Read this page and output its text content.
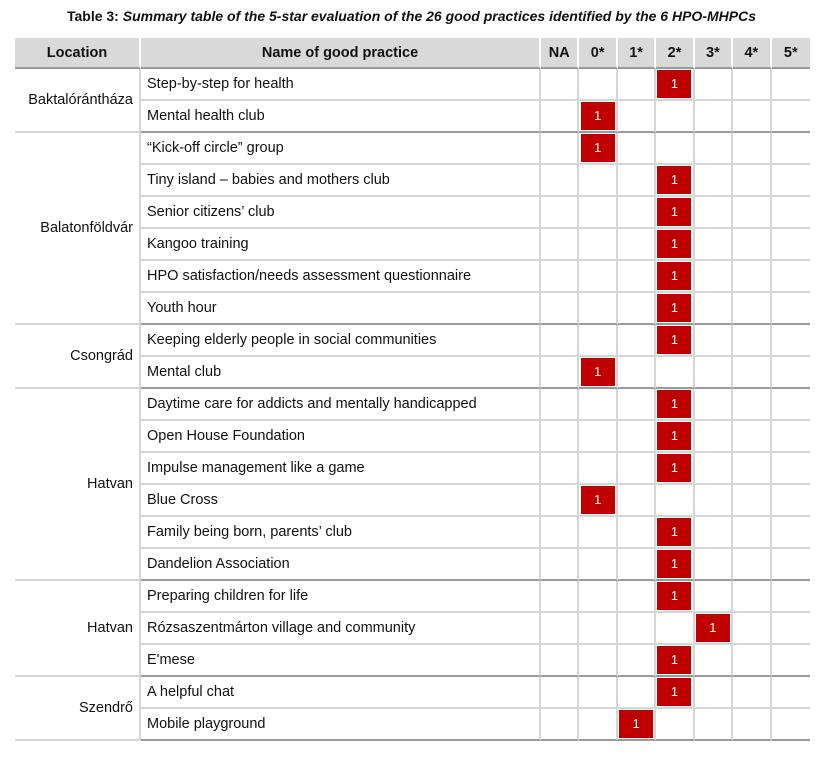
Table 3: Summary table of the 5-star evaluation of the 26 good practices identified by the 6 HPO-MHPCs
Location	Name of good practice	NA	0*	1*	2*	3*	4*	5*
Baktalórántháza	Step-by-step for health				1			
	Mental health club		1					
Balatonföldvár	“Kick-off circle” group		1					
	Tiny island – babies and mothers club				1			
	Senior citizens’ club				1			
	Kangoo training				1			
	HPO satisfaction/needs assessment questionnaire				1			
	Youth hour				1			
Csongrád	Keeping elderly people in social communities				1			
	Mental club		1					
Hatvan	Daytime care for addicts and mentally handicapped				1			
	Open House Foundation				1			
	Impulse management like a game				1			
	Blue Cross		1					
	Family being born, parents’ club				1			
	Dandelion Association				1			
Hatvan	Preparing children for life				1			
	Rózsaszentmárton village and community					1		
	E'mese				1			
Szendrő	A helpful chat				1			
	Mobile playground			1				
